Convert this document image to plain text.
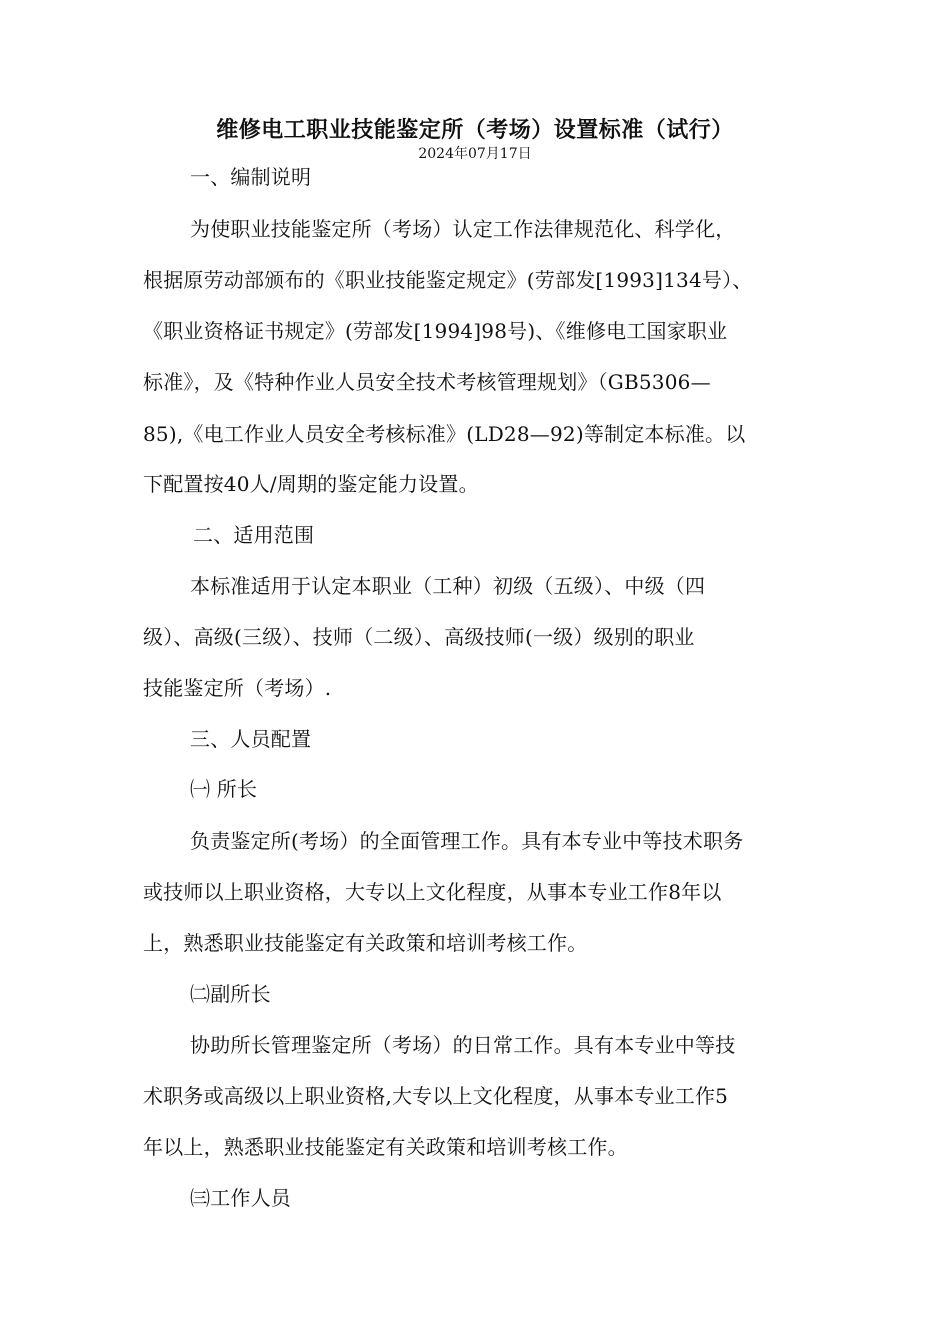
维修电工职业技能鉴定所（考场）设置标准（试行）
2024年07月17日
一、编制说明
为使职业技能鉴定所（考场）认定工作法律规范化、科学化，
根据原劳动部颁布的《职业技能鉴定规定》(劳部发[1993]134号）、
《职业资格证书规定》(劳部发[1994]98号)、《维修电工国家职业
标准》，及《特种作业人员安全技术考核管理规划》（GB5306—
85),《电工作业人员安全考核标准》(LD28—92)等制定本标准。以
下配置按40人/周期的鉴定能力设置。
二、适用范围
本标准适用于认定本职业（工种）初级（五级）、中级（四
级）、高级(三级）、技师（二级）、高级技师(一级）级别的职业
技能鉴定所（考场）.
三、人员配置
㈠ 所长
负责鉴定所(考场）的全面管理工作。具有本专业中等技术职务
或技师以上职业资格，大专以上文化程度，从事本专业工作8年以
上，熟悉职业技能鉴定有关政策和培训考核工作。
㈡副所长
协助所长管理鉴定所（考场）的日常工作。具有本专业中等技
术职务或高级以上职业资格,大专以上文化程度，从事本专业工作5
年以上，熟悉职业技能鉴定有关政策和培训考核工作。
㈢工作人员
